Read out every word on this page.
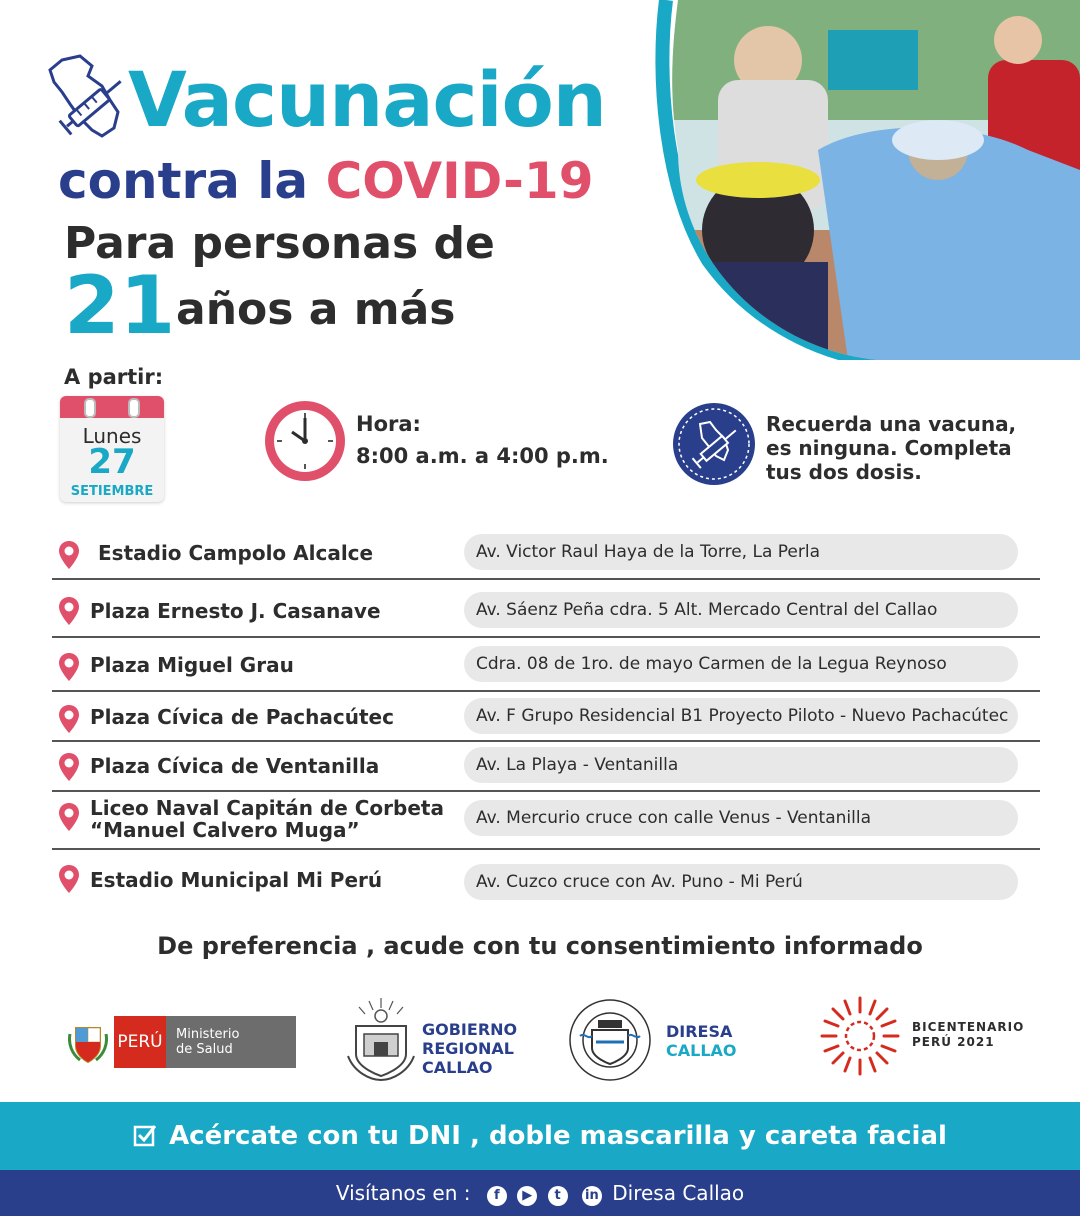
Vacunación
contra la COVID-19
Para personas de
21 años a más
A partir:
Lunes
27
SETIEMBRE
Hora:
8:00 a.m. a 4:00 p.m.
Recuerda una vacuna,
es ninguna. Completa
tus dos dosis.
Estadio Campolo Alcalce	Av. Victor Raul Haya de la Torre, La Perla
Plaza Ernesto J. Casanave	Av. Sáenz Peña cdra. 5 Alt. Mercado Central del Callao
Plaza Miguel Grau	Cdra. 08 de 1ro. de mayo Carmen de la Legua Reynoso
Plaza Cívica de Pachacútec	Av. F Grupo Residencial B1 Proyecto Piloto - Nuevo Pachacútec
Plaza Cívica de Ventanilla	Av. La Playa - Ventanilla
Liceo Naval Capitán de Corbeta
“Manuel Calvero Muga”	Av. Mercurio cruce con calle Venus - Ventanilla
Estadio Municipal Mi Perú	Av. Cuzco cruce con Av. Puno - Mi Perú
De preferencia , acude con tu consentimiento informado
PERÚ	Ministerio
de Salud
GOBIERNO
REGIONAL
CALLAO
DIRESA
CALLAO
BICENTENARIO
PERÚ 2021
Acércate con tu DNI , doble mascarilla y careta facial
Visítanos en : f ▶ t in Diresa Callao
